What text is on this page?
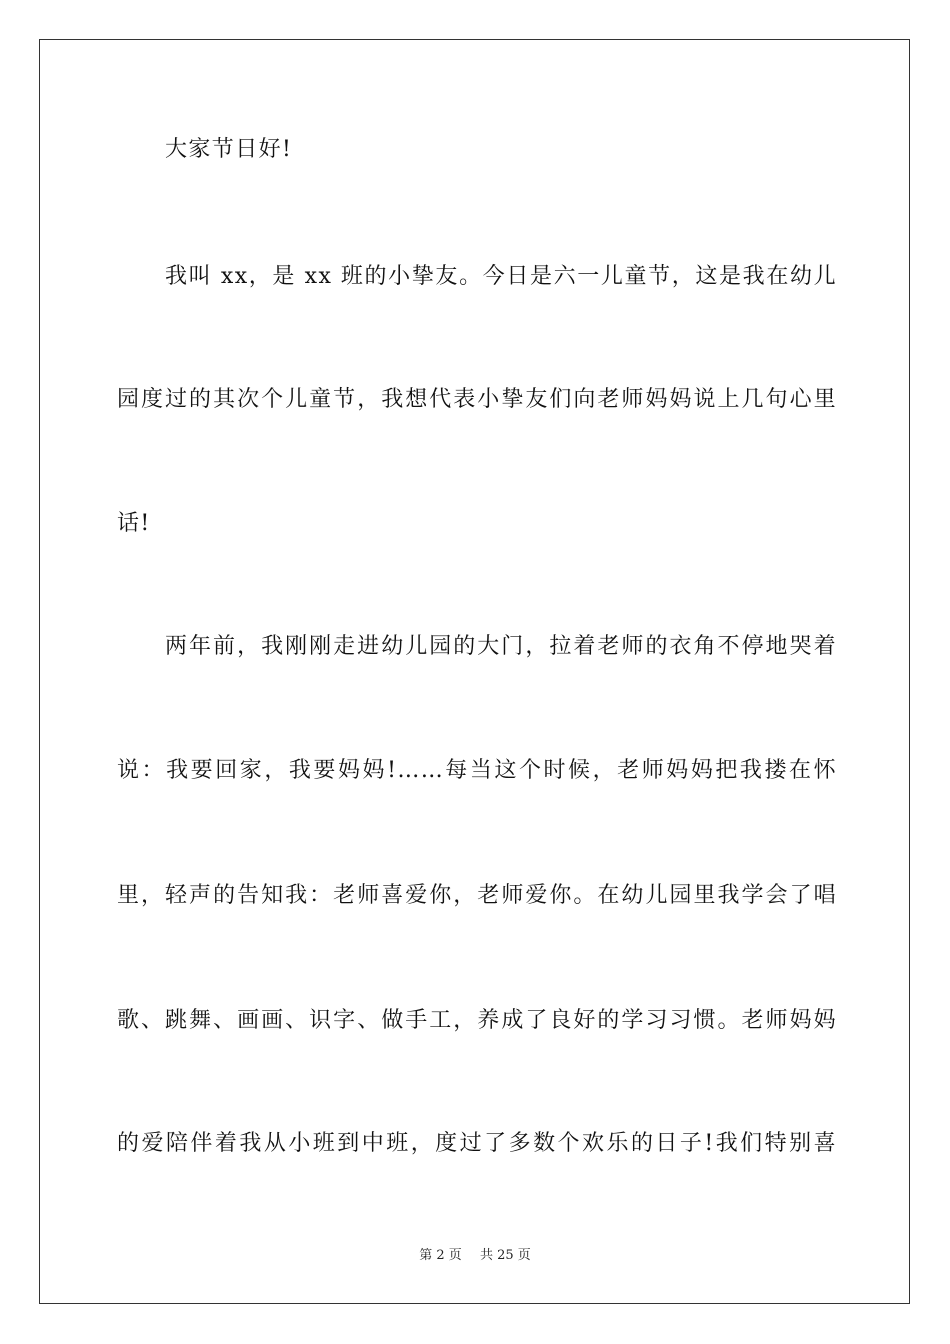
大家节日好!
我叫 xx，是 xx 班的小挚友。今日是六一儿童节，这是我在幼儿
园度过的其次个儿童节，我想代表小挚友们向老师妈妈说上几句心里
话!
两年前，我刚刚走进幼儿园的大门，拉着老师的衣角不停地哭着
说：我要回家，我要妈妈!……每当这个时候，老师妈妈把我搂在怀
里，轻声的告知我：老师喜爱你，老师爱你。在幼儿园里我学会了唱
歌、跳舞、画画、识字、做手工，养成了良好的学习习惯。老师妈妈
的爱陪伴着我从小班到中班，度过了多数个欢乐的日子!我们特别喜
第 2 页 共 25 页
